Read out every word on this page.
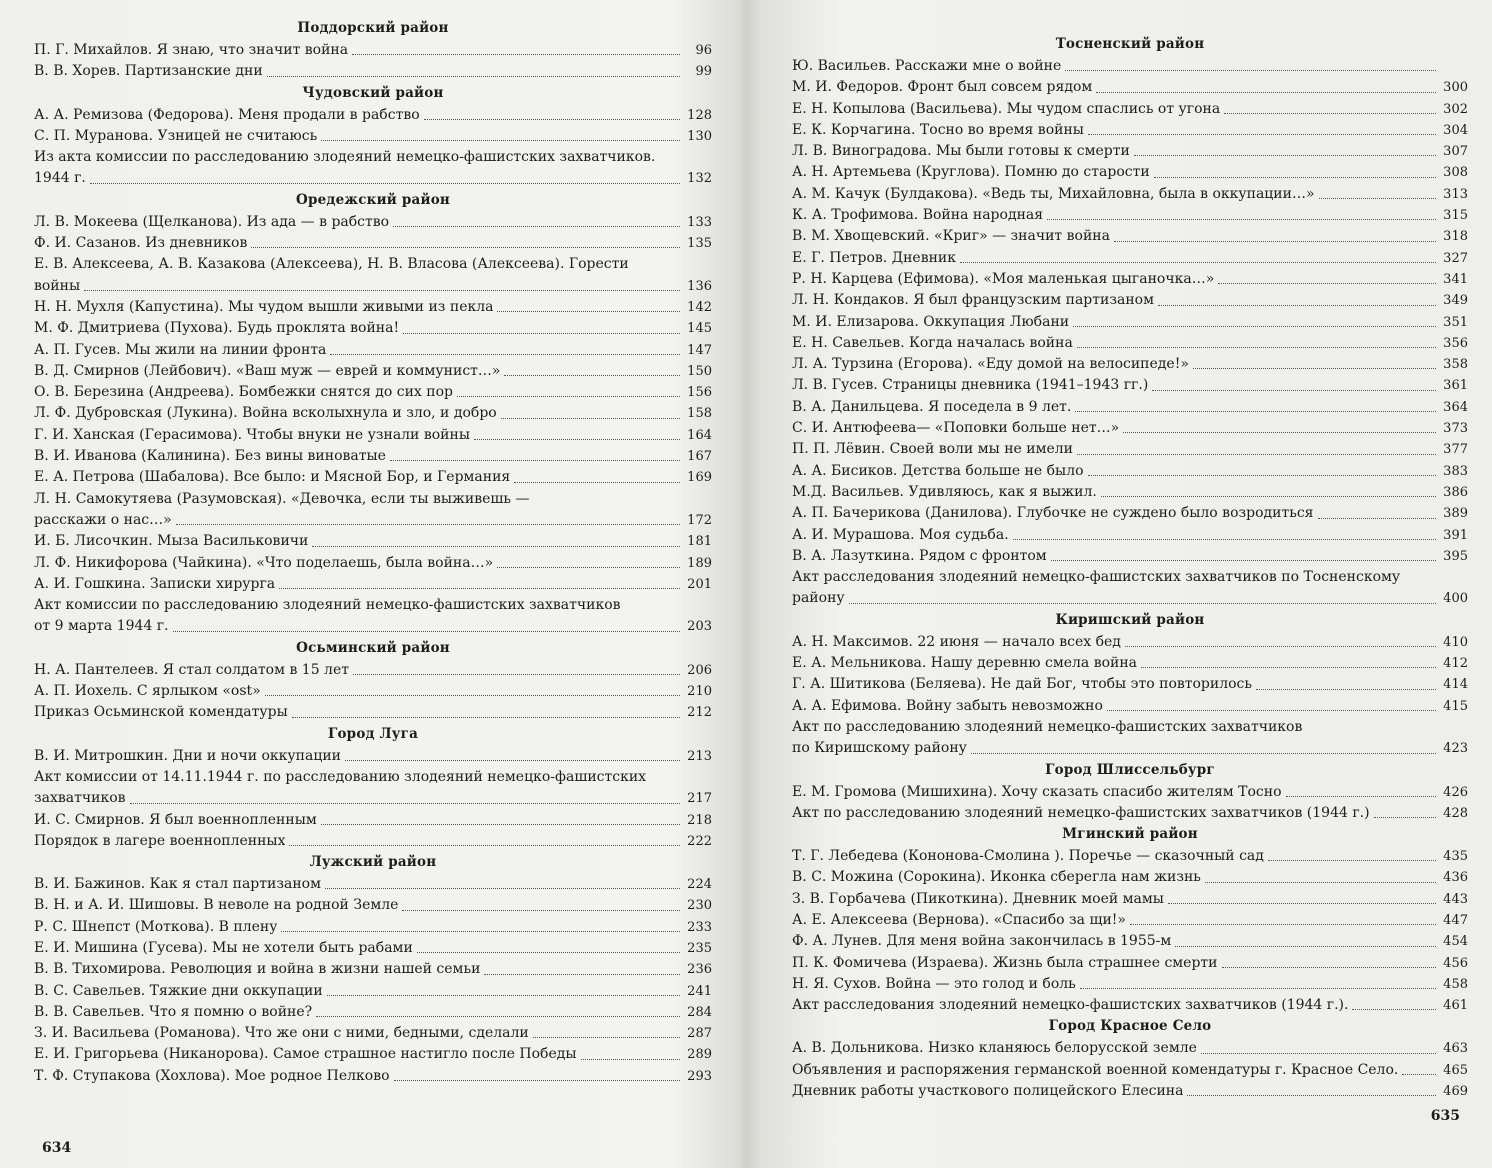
Поддорский район
П. Г. Михайлов. Я знаю, что значит война	96
В. В. Хорев. Партизанские дни	99
Чудовский район
А. А. Ремизова (Федорова). Меня продали в рабство	128
С. П. Муранова. Узницей не считаюсь	130
Из акта комиссии по расследованию злодеяний немецко-фашистских захватчиков.
1944 г.	132
Оредежский район
Л. В. Мокеева (Щелканова). Из ада — в рабство	133
Ф. И. Сазанов. Из дневников	135
Е. В. Алексеева, А. В. Казакова (Алексеева), Н. В. Власова (Алексеева). Горести
войны	136
Н. Н. Мухля (Капустина). Мы чудом вышли живыми из пекла	142
М. Ф. Дмитриева (Пухова). Будь проклята война!	145
А. П. Гусев. Мы жили на линии фронта	147
В. Д. Смирнов (Лейбович). «Ваш муж — еврей и коммунист…»	150
О. В. Березина (Андреева). Бомбежки снятся до сих пор	156
Л. Ф. Дубровская (Лукина). Война всколыхнула и зло, и добро	158
Г. И. Ханская (Герасимова). Чтобы внуки не узнали войны	164
В. И. Иванова (Калинина). Без вины виноватые	167
Е. А. Петрова (Шабалова). Все было: и Мясной Бор, и Германия	169
Л. Н. Самокутяева (Разумовская). «Девочка, если ты выживешь —
расскажи о нас…»	172
И. Б. Лисочкин. Мыза Васильковичи	181
Л. Ф. Никифорова (Чайкина). «Что поделаешь, была война…»	189
А. И. Гошкина. Записки хирурга	201
Акт комиссии по расследованию злодеяний немецко-фашистских захватчиков
от 9 марта 1944 г.	203
Осьминский район
Н. А. Пантелеев. Я стал солдатом в 15 лет	206
А. П. Иохель. С ярлыком «ost»	210
Приказ Осьминской комендатуры	212
Город Луга
В. И. Митрошкин. Дни и ночи оккупации	213
Акт комиссии от 14.11.1944 г. по расследованию злодеяний немецко-фашистских
захватчиков	217
И. С. Смирнов. Я был военнопленным	218
Порядок в лагере военнопленных	222
Лужский район
В. И. Бажинов. Как я стал партизаном	224
В. Н. и А. И. Шишовы. В неволе на родной Земле	230
Р. С. Шнепст (Моткова). В плену	233
Е. И. Мишина (Гусева). Мы не хотели быть рабами	235
В. В. Тихомирова. Революция и война в жизни нашей семьи	236
В. С. Савельев. Тяжкие дни оккупации	241
В. В. Савельев. Что я помню о войне?	284
З. И. Васильева (Романова). Что же они с ними, бедными, сделали	287
Е. И. Григорьева (Никанорова). Самое страшное настигло после Победы	289
Т. Ф. Ступакова (Хохлова). Мое родное Пелково	293
634
Тосненский район
Ю. Васильев. Расскажи мне о войне
М. И. Федоров. Фронт был совсем рядом	300
Е. Н. Копылова (Васильева). Мы чудом спаслись от угона	302
Е. К. Корчагина. Тосно во время войны	304
Л. В. Виноградова. Мы были готовы к смерти	307
А. Н. Артемьева (Круглова). Помню до старости	308
А. М. Качук (Булдакова). «Ведь ты, Михайловна, была в оккупации…»	313
К. А. Трофимова. Война народная	315
В. М. Хвощевский. «Криг» — значит война	318
Е. Г. Петров. Дневник	327
Р. Н. Карцева (Ефимова). «Моя маленькая цыганочка…»	341
Л. Н. Кондаков. Я был французским партизаном	349
М. И. Елизарова. Оккупация Любани	351
Е. Н. Савельев. Когда началась война	356
Л. А. Турзина (Егорова). «Еду домой на велосипеде!»	358
Л. В. Гусев. Страницы дневника (1941–1943 гг.)	361
В. А. Данильцева. Я поседела в 9 лет.	364
С. И. Антюфеева— «Поповки больше нет…»	373
П. П. Лёвин. Своей воли мы не имели	377
А. А. Бисиков. Детства больше не было	383
М.Д. Васильев. Удивляюсь, как я выжил.	386
А. П. Бачерикова (Данилова). Глубочке не суждено было возродиться	389
А. И. Мурашова. Моя судьба.	391
В. А. Лазуткина. Рядом с фронтом	395
Акт расследования злодеяний немецко-фашистских захватчиков по Тосненскому
району	400
Киришский район
А. Н. Максимов. 22 июня — начало всех бед	410
Е. А. Мельникова. Нашу деревню смела война	412
Г. А. Шитикова (Беляева). Не дай Бог, чтобы это повторилось	414
А. А. Ефимова. Войну забыть невозможно	415
Акт по расследованию злодеяний немецко-фашистских захватчиков
по Киришскому району	423
Город Шлиссельбург
Е. М. Громова (Мишихина). Хочу сказать спасибо жителям Тосно	426
Акт по расследованию злодеяний немецко-фашистских захватчиков (1944 г.)	428
Мгинский район
Т. Г. Лебедева (Кононова-Смолина ). Поречье — сказочный сад	435
В. С. Можина (Сорокина). Иконка сберегла нам жизнь	436
З. В. Горбачева (Пикоткина). Дневник моей мамы	443
А. Е. Алексеева (Вернова). «Спасибо за щи!»	447
Ф. А. Лунев. Для меня война закончилась в 1955-м	454
П. К. Фомичева (Израева). Жизнь была страшнее смерти	456
Н. Я. Сухов. Война — это голод и боль	458
Акт расследования злодеяний немецко-фашистских захватчиков (1944 г.).	461
Город Красное Село
А. В. Дольникова. Низко кланяюсь белорусской земле	463
Объявления и распоряжения германской военной комендатуры г. Красное Село.	465
Дневник работы участкового полицейского Елесина	469
635
